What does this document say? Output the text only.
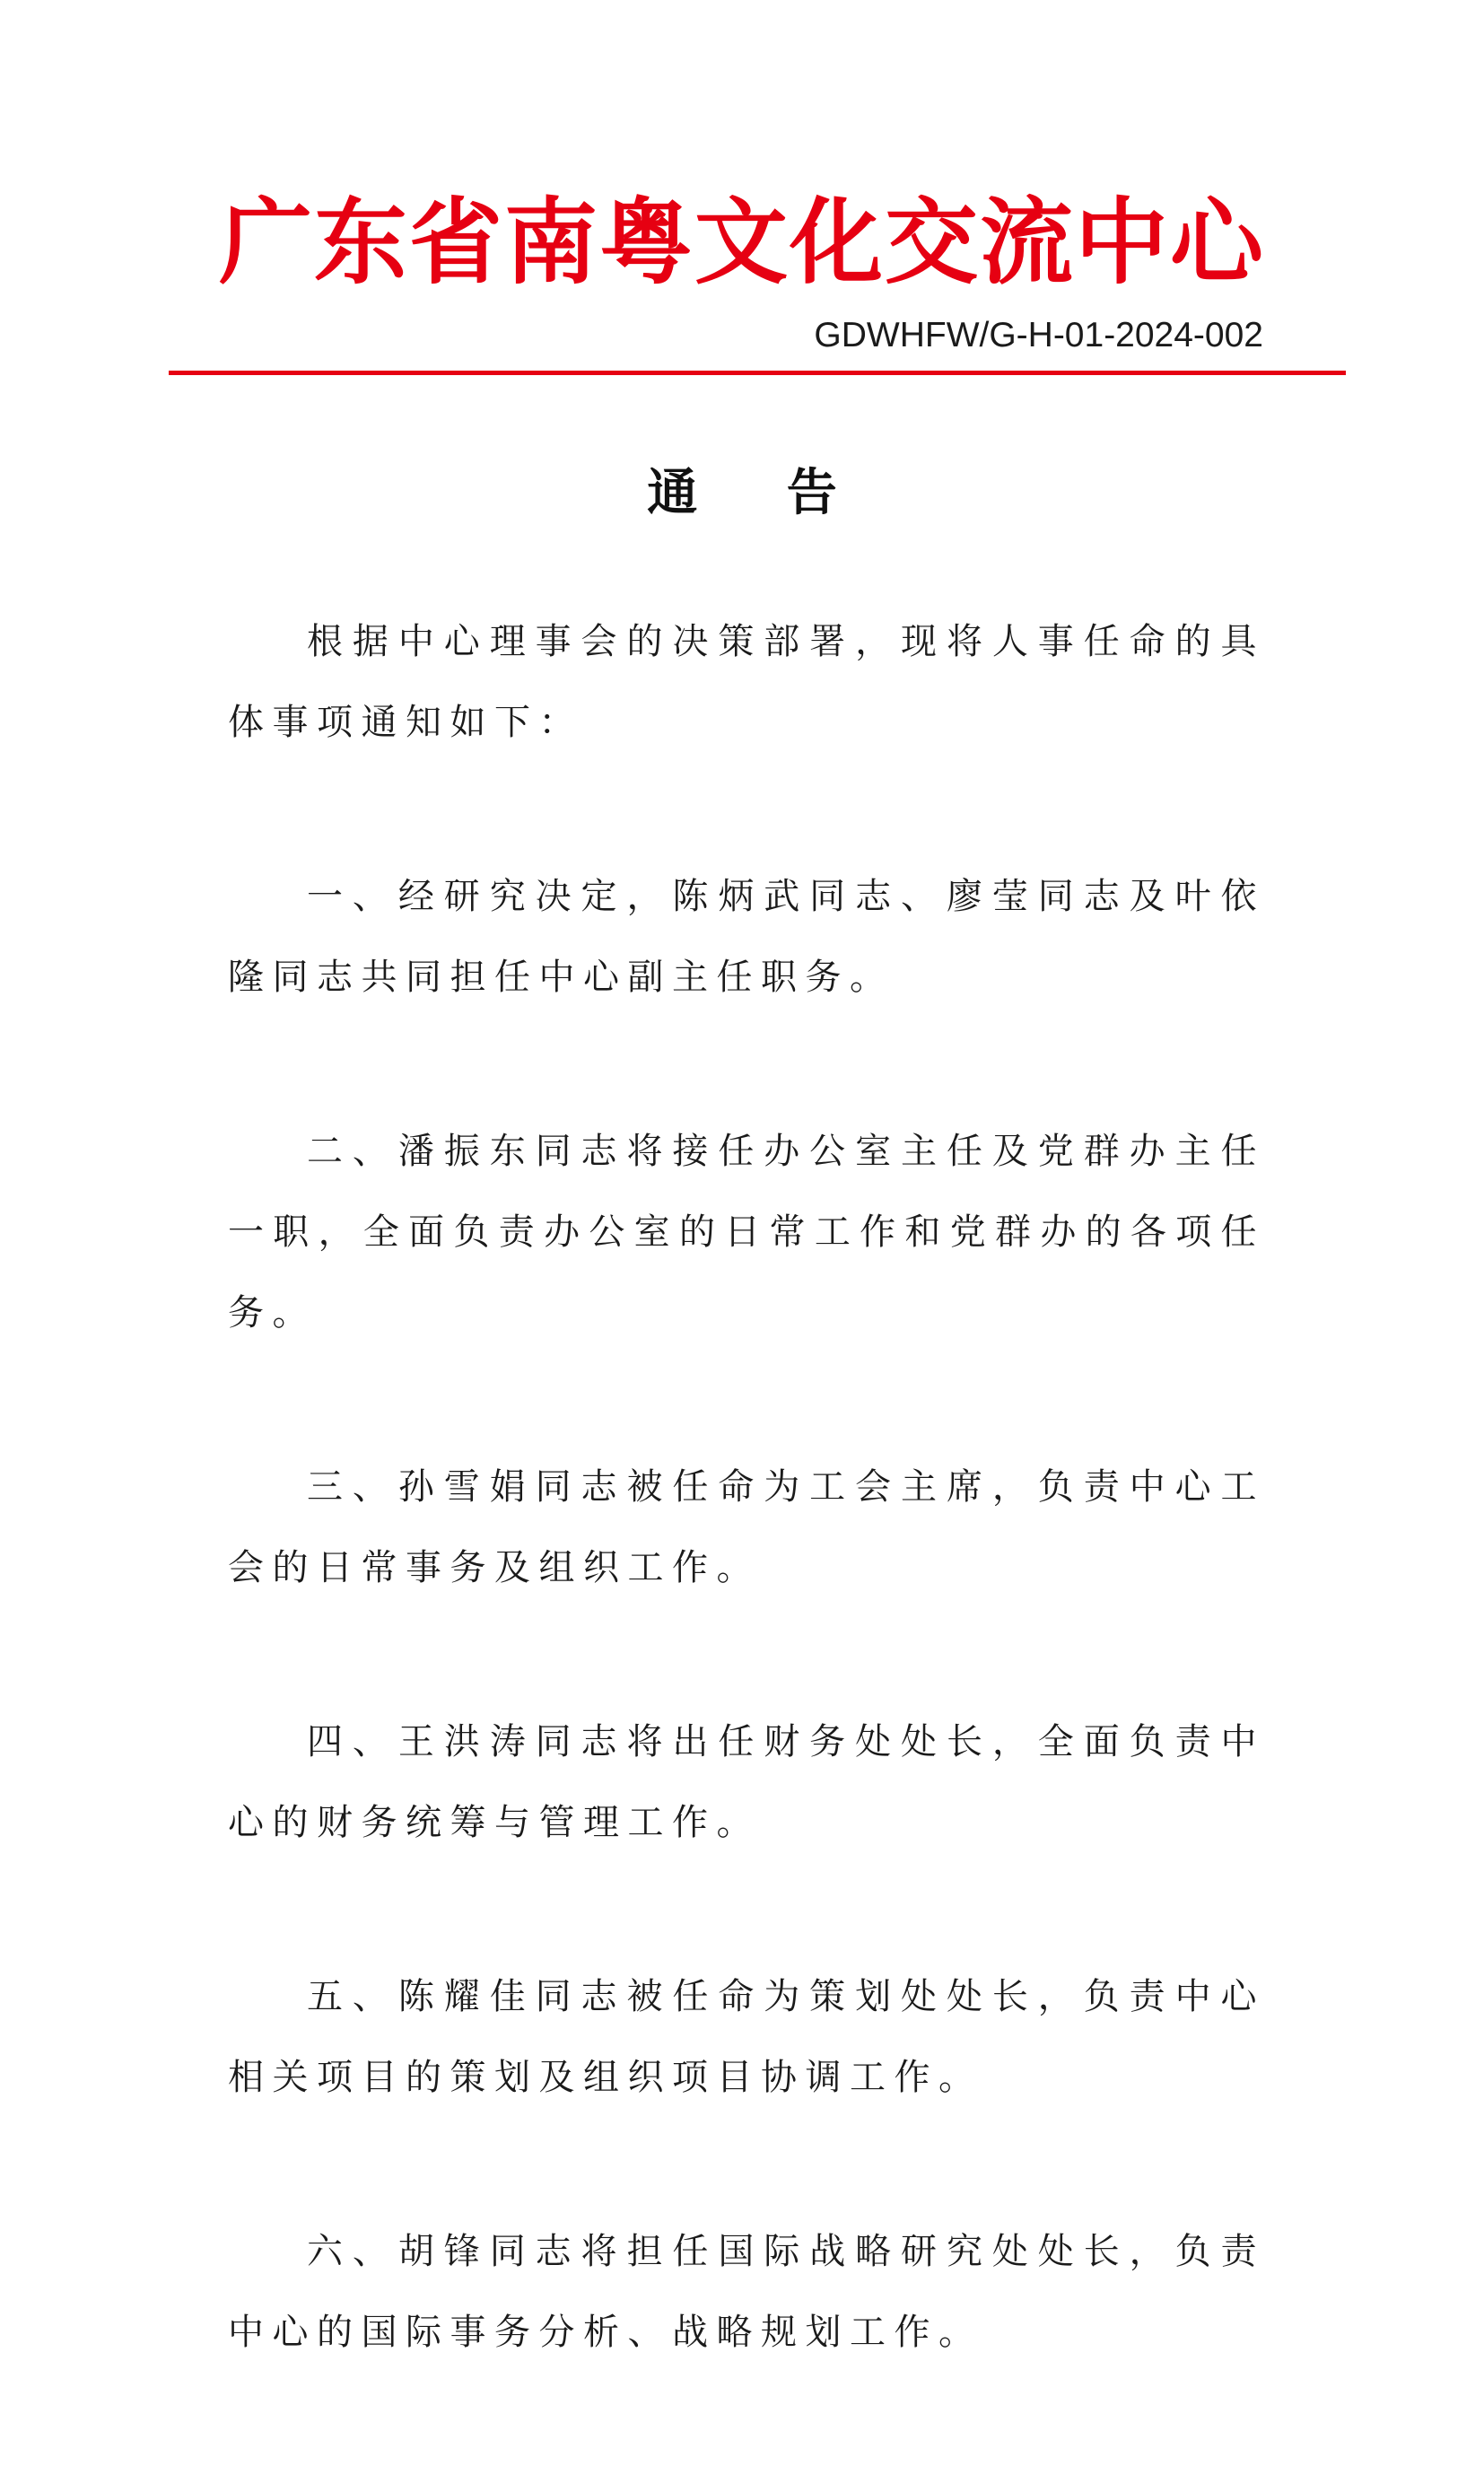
广东省南粤文化交流中心
GDWHFW/G-H-01-2024-002
通 告

根据中心理事会的决策部署，现将人事任命的具体事项通知如下：

一、经研究决定，陈炳武同志、廖莹同志及叶依隆同志共同担任中心副主任职务。

二、潘振东同志将接任办公室主任及党群办主任一职，全面负责办公室的日常工作和党群办的各项任务。

三、孙雪娟同志被任命为工会主席，负责中心工会的日常事务及组织工作。

四、王洪涛同志将出任财务处处长，全面负责中心的财务统筹与管理工作。

五、陈耀佳同志被任命为策划处处长，负责中心相关项目的策划及组织项目协调工作。

六、胡锋同志将担任国际战略研究处处长，负责中心的国际事务分析、战略规划工作。
